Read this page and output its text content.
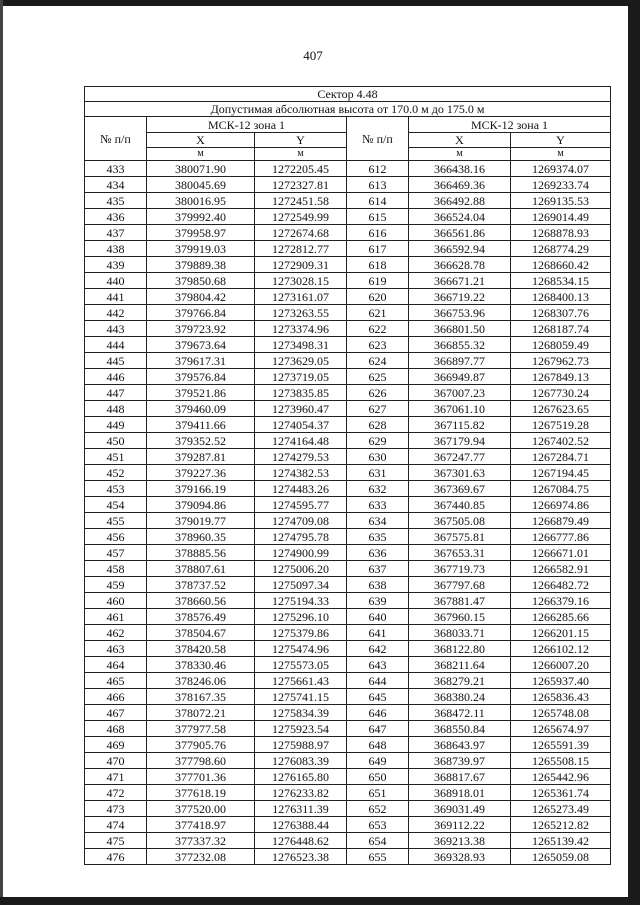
407
Сектор 4.48					
Допустимая абсолютная высота от 170.0 м до 175.0 м					
№ п/п	МСК-12 зона 1		№ п/п	МСК-12 зона 1	
	X	Y		X	Y
	м	м		м	м
433	380071.90	1272205.45	612	366438.16	1269374.07
434	380045.69	1272327.81	613	366469.36	1269233.74
435	380016.95	1272451.58	614	366492.88	1269135.53
436	379992.40	1272549.99	615	366524.04	1269014.49
437	379958.97	1272674.68	616	366561.86	1268878.93
438	379919.03	1272812.77	617	366592.94	1268774.29
439	379889.38	1272909.31	618	366628.78	1268660.42
440	379850.68	1273028.15	619	366671.21	1268534.15
441	379804.42	1273161.07	620	366719.22	1268400.13
442	379766.84	1273263.55	621	366753.96	1268307.76
443	379723.92	1273374.96	622	366801.50	1268187.74
444	379673.64	1273498.31	623	366855.32	1268059.49
445	379617.31	1273629.05	624	366897.77	1267962.73
446	379576.84	1273719.05	625	366949.87	1267849.13
447	379521.86	1273835.85	626	367007.23	1267730.24
448	379460.09	1273960.47	627	367061.10	1267623.65
449	379411.66	1274054.37	628	367115.82	1267519.28
450	379352.52	1274164.48	629	367179.94	1267402.52
451	379287.81	1274279.53	630	367247.77	1267284.71
452	379227.36	1274382.53	631	367301.63	1267194.45
453	379166.19	1274483.26	632	367369.67	1267084.75
454	379094.86	1274595.77	633	367440.85	1266974.86
455	379019.77	1274709.08	634	367505.08	1266879.49
456	378960.35	1274795.78	635	367575.81	1266777.86
457	378885.56	1274900.99	636	367653.31	1266671.01
458	378807.61	1275006.20	637	367719.73	1266582.91
459	378737.52	1275097.34	638	367797.68	1266482.72
460	378660.56	1275194.33	639	367881.47	1266379.16
461	378576.49	1275296.10	640	367960.15	1266285.66
462	378504.67	1275379.86	641	368033.71	1266201.15
463	378420.58	1275474.96	642	368122.80	1266102.12
464	378330.46	1275573.05	643	368211.64	1266007.20
465	378246.06	1275661.43	644	368279.21	1265937.40
466	378167.35	1275741.15	645	368380.24	1265836.43
467	378072.21	1275834.39	646	368472.11	1265748.08
468	377977.58	1275923.54	647	368550.84	1265674.97
469	377905.76	1275988.97	648	368643.97	1265591.39
470	377798.60	1276083.39	649	368739.97	1265508.15
471	377701.36	1276165.80	650	368817.67	1265442.96
472	377618.19	1276233.82	651	368918.01	1265361.74
473	377520.00	1276311.39	652	369031.49	1265273.49
474	377418.97	1276388.44	653	369112.22	1265212.82
475	377337.32	1276448.62	654	369213.38	1265139.42
476	377232.08	1276523.38	655	369328.93	1265059.08
